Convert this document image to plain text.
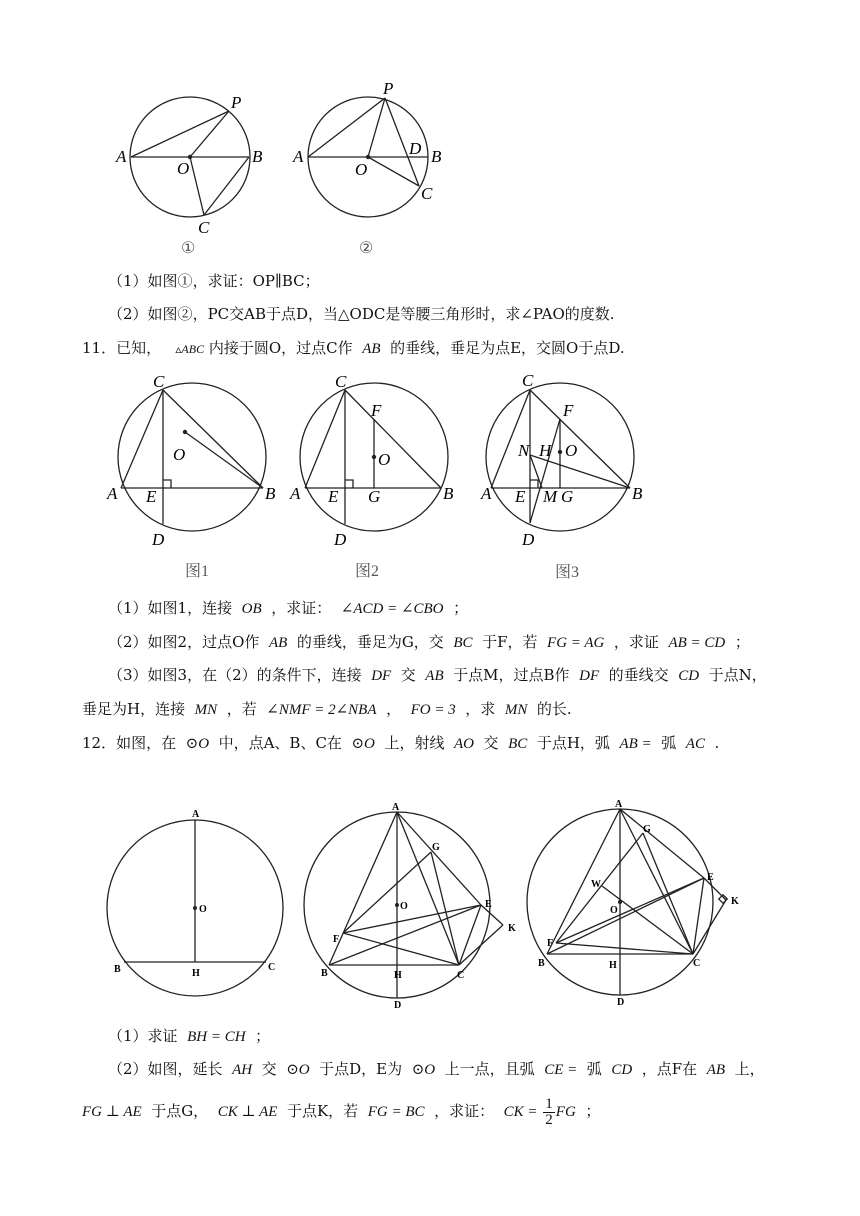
A	B
C
O
P
①
A	B
C
O
P
D
②
（1）如图①，求证：OP∥BC；
（2）如图②，PC交AB于点D，当△ODC是等腰三角形时，求∠PAO的度数.
11．已知， ▵ABC 内接于圆O，过点C作 AB 的垂线，垂足为点E，交圆O于点D.
A	B
C
D
E
O
图1
A	B
C
D
E
F
G
O
图2
A	B
C
D
E
F
G
H
M
N O
图3
（1）如图1，连接 OB ，求证： ∠ACD = ∠CBO ；
（2）如图2，过点O作 AB 的垂线，垂足为G，交 BC 于F，若 FG = AG ，求证 AB = CD ；
（3）如图3，在（2）的条件下，连接 DF 交 AB 于点M，过点B作 DF 的垂线交 CD 于点N，
垂足为H，连接 MN ，若 ∠NMF = 2∠NBA ， FO = 3 ，求 MN 的长.
12．如图，在 ⊙O 中，点A、B、C在 ⊙O 上，射线 AO 交 BC 于点H，弧 AB = 弧 AC .
A
B	C
H
O
A
B	C
D
E
F
G
H
K
O
A
B	C
D
E
F
G
H
K
O
W
（1）求证 BH = CH ；
（2）如图，延长 AH 交 ⊙O 于点D，E为 ⊙O 上一点，且弧 CE = 弧 CD ，点F在 AB 上，
FG ⊥ AE 于点G， CK ⊥ AE 于点K，若 FG = BC ，求证： CK = $\frac{1}{2}$ FG ；
